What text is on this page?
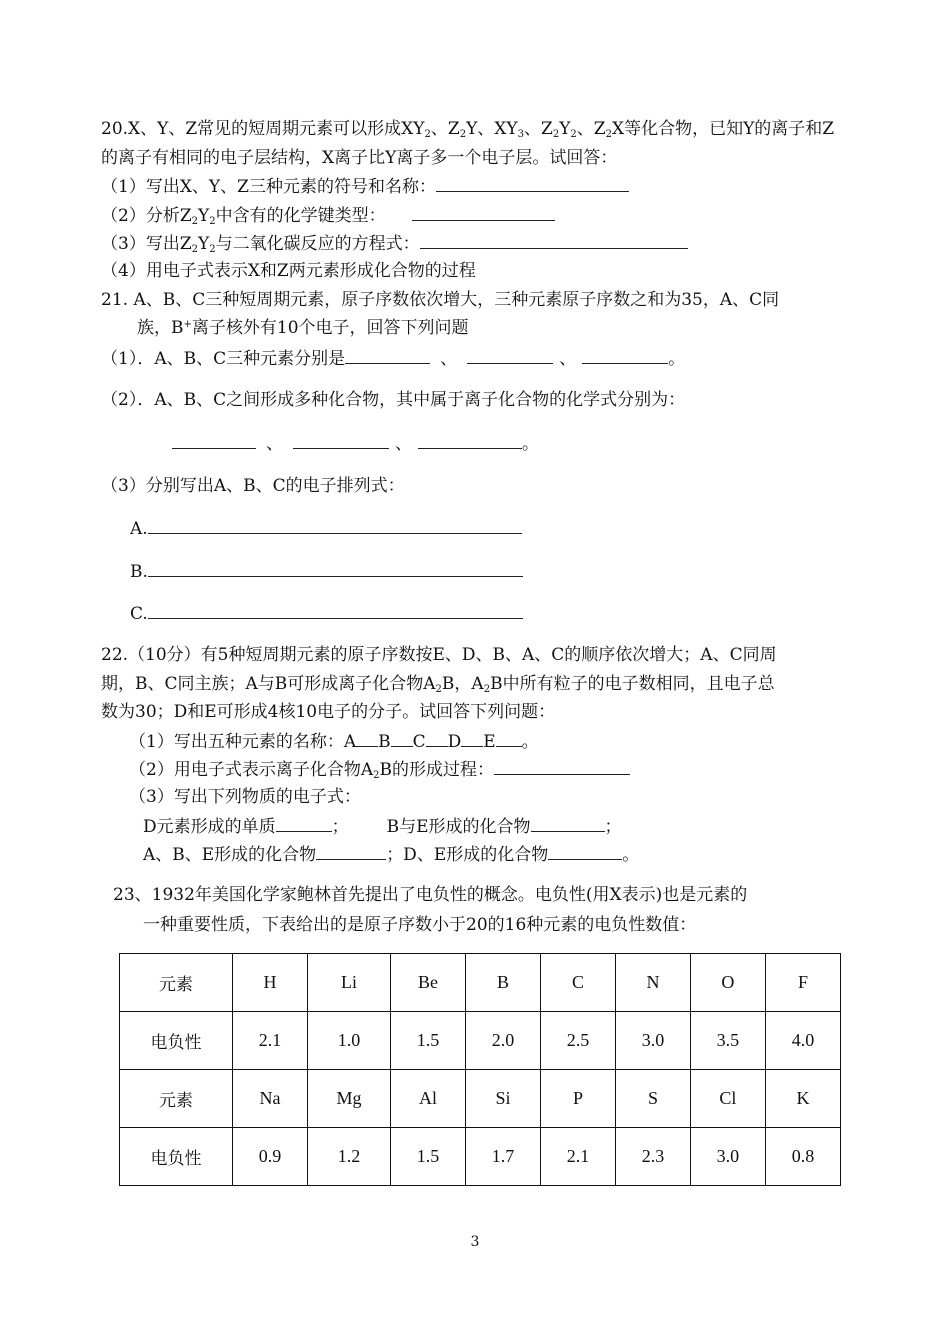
20.X、Y、Z常见的短周期元素可以形成$XY_2$、$Z_2Y$、$XY_3$、$Z_2Y_2$、$Z_2X$等化合物，已知Y的离子和Z
的离子有相同的电子层结构，X离子比Y离子多一个电子层。试回答：
（1）写出X、Y、Z三种元素的符号和名称：
（2）分析$Z_2Y_2$中含有的化学键类型：
（3）写出$Z_2Y_2$与二氧化碳反应的方程式：
（4）用电子式表示X和Z两元素形成化合物的过程
21. A、B、C三种短周期元素，原子序数依次增大，三种元素原子序数之和为35，A、C同
族，B+离子核外有10个电子，回答下列问题
（1）．A、B、C三种元素分别是	、	、	。
（2）．A、B、C之间形成多种化合物，其中属于离子化合物的化学式分别为：
、	、	。
（3）分别写出A、B、C的电子排列式：
A.
B.
C.
22.（10分）有5种短周期元素的原子序数按E、D、B、A、C的顺序依次增大；A、C同周
期，B、C同主族；A与B可形成离子化合物$A_2B$，$A_2B$中所有粒子的电子数相同，且电子总
数为30；D和E可形成4核10电子的分子。试回答下列问题：
（1）写出五种元素的名称：A B C D E 。
（2）用电子式表示离子化合物$A_2B$的形成过程：
（3）写出下列物质的电子式：
D元素形成的单质	； B与E形成的化合物	；
A、B、E形成的化合物	；D、E形成的化合物	。
23、1932年美国化学家鲍林首先提出了电负性的概念。电负性(用X表示)也是元素的
一种重要性质，下表给出的是原子序数小于20的16种元素的电负性数值：
元素	H	Li	Be	B	C	N	O	F
电负性	2.1	1.0	1.5	2.0	2.5	3.0	3.5	4.0
元素	Na	Mg	Al	Si	P	S	Cl	K
电负性	0.9	1.2	1.5	1.7	2.1	2.3	3.0	0.8
3
